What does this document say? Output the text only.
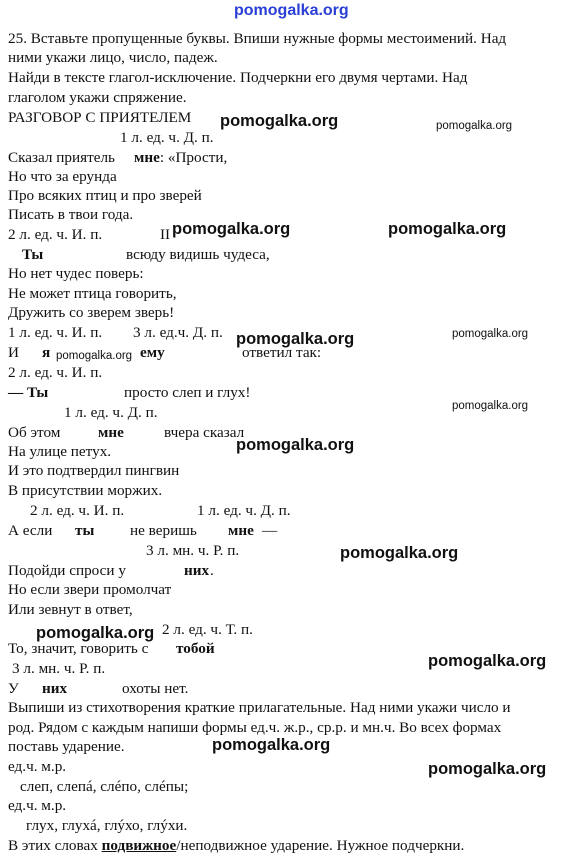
pomogalka.org
pomogalka.org	pomogalka.org
pomogalka.org	pomogalka.org
pomogalka.org	pomogalka.org
pomogalka.org
pomogalka.org
pomogalka.org
pomogalka.org
pomogalka.org
pomogalka.org
pomogalka.org
pomogalka.org
25. Вставьте пропущенные буквы. Впиши нужные формы местоимений. Над
ними укажи лицо, число, падеж.
Найди в тексте глагол-исключение. Подчеркни его двумя чертами. Над
глаголом укажи спряжение.
РАЗГОВОР С ПРИЯТЕЛЕМ
1 л. ед. ч. Д. п.
Сказал приятель мне: «Прости,
Но что за ерунда
Про всяких птиц и про зверей
Писать в твои года.
2 л. ед. ч. И. п.	II
Ты	всюду видишь чудеса,
Но нет чудес поверь:
Не может птица говорить,
Дружить со зверем зверь!
1 л. ед. ч. И. п. 3 л. ед.ч. Д. п.
И я	ему	ответил так:
2 л. ед. ч. И. п.
— Ты	просто слеп и глух!
1 л. ед. ч. Д. п.
Об этом мне	вчера сказал
На улице петух.
И это подтвердил пингвин
В присутствии моржих.
2 л. ед. ч. И. п.	1 л. ед. ч. Д. п.
А если ты не веришь мне —
3 л. мн. ч. Р. п.
Подойди спроси у	них .
Но если звери промолчат
Или зевнут в ответ,
2 л. ед. ч. Т. п.
То, значит, говорить с тобой
3 л. мн. ч. Р. п.
У них	охоты нет.
Выпиши из стихотворения краткие прилагательные. Над ними укажи число и
род. Рядом с каждым напиши формы ед.ч. ж.р., ср.р. и мн.ч. Во всех формах
поставь ударение.
ед.ч. м.р.
слеп, слепá, слéпо, слéпы;
ед.ч. м.р.
глух, глухá, глýхо, глýхи.
В этих словах подвижное/неподвижное ударение. Нужное подчеркни.
